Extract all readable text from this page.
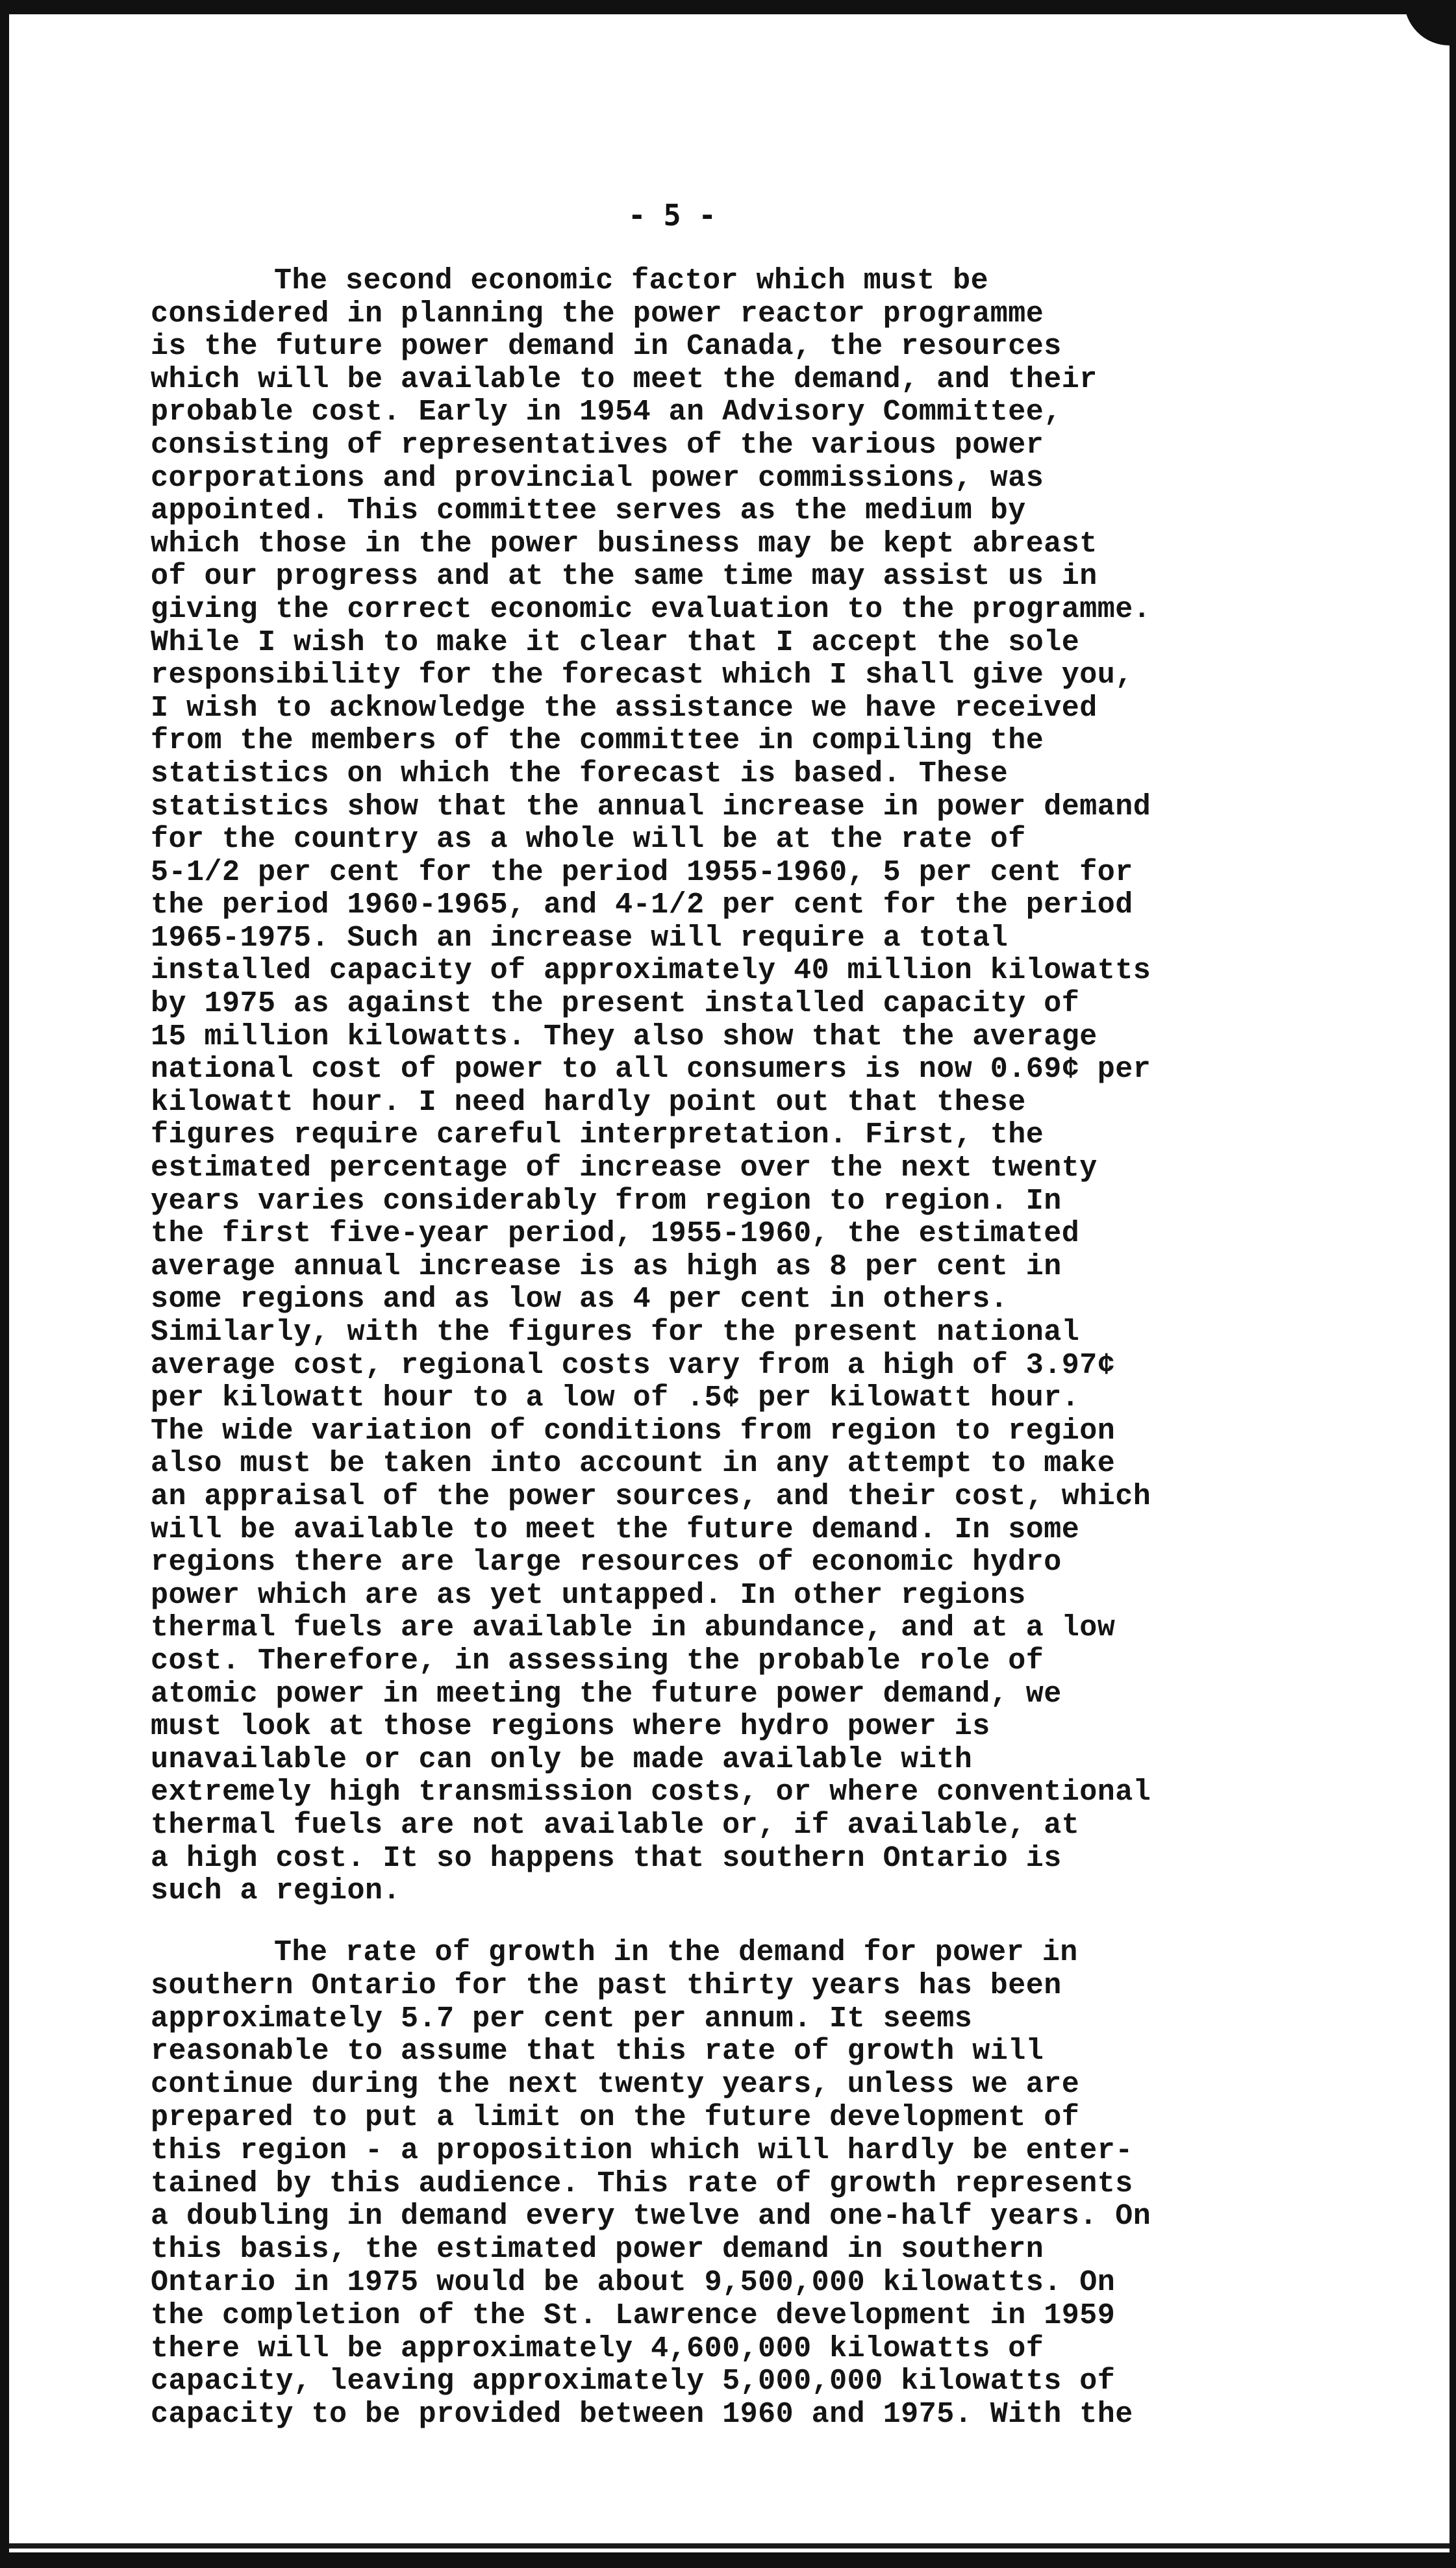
- 5 -
The second economic factor which must be
considered in planning the power reactor programme
is the future power demand in Canada, the resources
which will be available to meet the demand, and their
probable cost. Early in 1954 an Advisory Committee,
consisting of representatives of the various power
corporations and provincial power commissions, was
appointed. This committee serves as the medium by
which those in the power business may be kept abreast
of our progress and at the same time may assist us in
giving the correct economic evaluation to the programme.
While I wish to make it clear that I accept the sole
responsibility for the forecast which I shall give you,
I wish to acknowledge the assistance we have received
from the members of the committee in compiling the
statistics on which the forecast is based. These
statistics show that the annual increase in power demand
for the country as a whole will be at the rate of
5-1/2 per cent for the period 1955-1960, 5 per cent for
the period 1960-1965, and 4-1/2 per cent for the period
1965-1975. Such an increase will require a total
installed capacity of approximately 40 million kilowatts
by 1975 as against the present installed capacity of
15 million kilowatts. They also show that the average
national cost of power to all consumers is now 0.69¢ per
kilowatt hour. I need hardly point out that these
figures require careful interpretation. First, the
estimated percentage of increase over the next twenty
years varies considerably from region to region. In
the first five-year period, 1955-1960, the estimated
average annual increase is as high as 8 per cent in
some regions and as low as 4 per cent in others.
Similarly, with the figures for the present national
average cost, regional costs vary from a high of 3.97¢
per kilowatt hour to a low of .5¢ per kilowatt hour.
The wide variation of conditions from region to region
also must be taken into account in any attempt to make
an appraisal of the power sources, and their cost, which
will be available to meet the future demand. In some
regions there are large resources of economic hydro
power which are as yet untapped. In other regions
thermal fuels are available in abundance, and at a low
cost. Therefore, in assessing the probable role of
atomic power in meeting the future power demand, we
must look at those regions where hydro power is
unavailable or can only be made available with
extremely high transmission costs, or where conventional
thermal fuels are not available or, if available, at
a high cost. It so happens that southern Ontario is
such a region.
The rate of growth in the demand for power in
southern Ontario for the past thirty years has been
approximately 5.7 per cent per annum. It seems
reasonable to assume that this rate of growth will
continue during the next twenty years, unless we are
prepared to put a limit on the future development of
this region - a proposition which will hardly be enter-
tained by this audience. This rate of growth represents
a doubling in demand every twelve and one-half years. On
this basis, the estimated power demand in southern
Ontario in 1975 would be about 9,500,000 kilowatts. On
the completion of the St. Lawrence development in 1959
there will be approximately 4,600,000 kilowatts of
capacity, leaving approximately 5,000,000 kilowatts of
capacity to be provided between 1960 and 1975. With the
